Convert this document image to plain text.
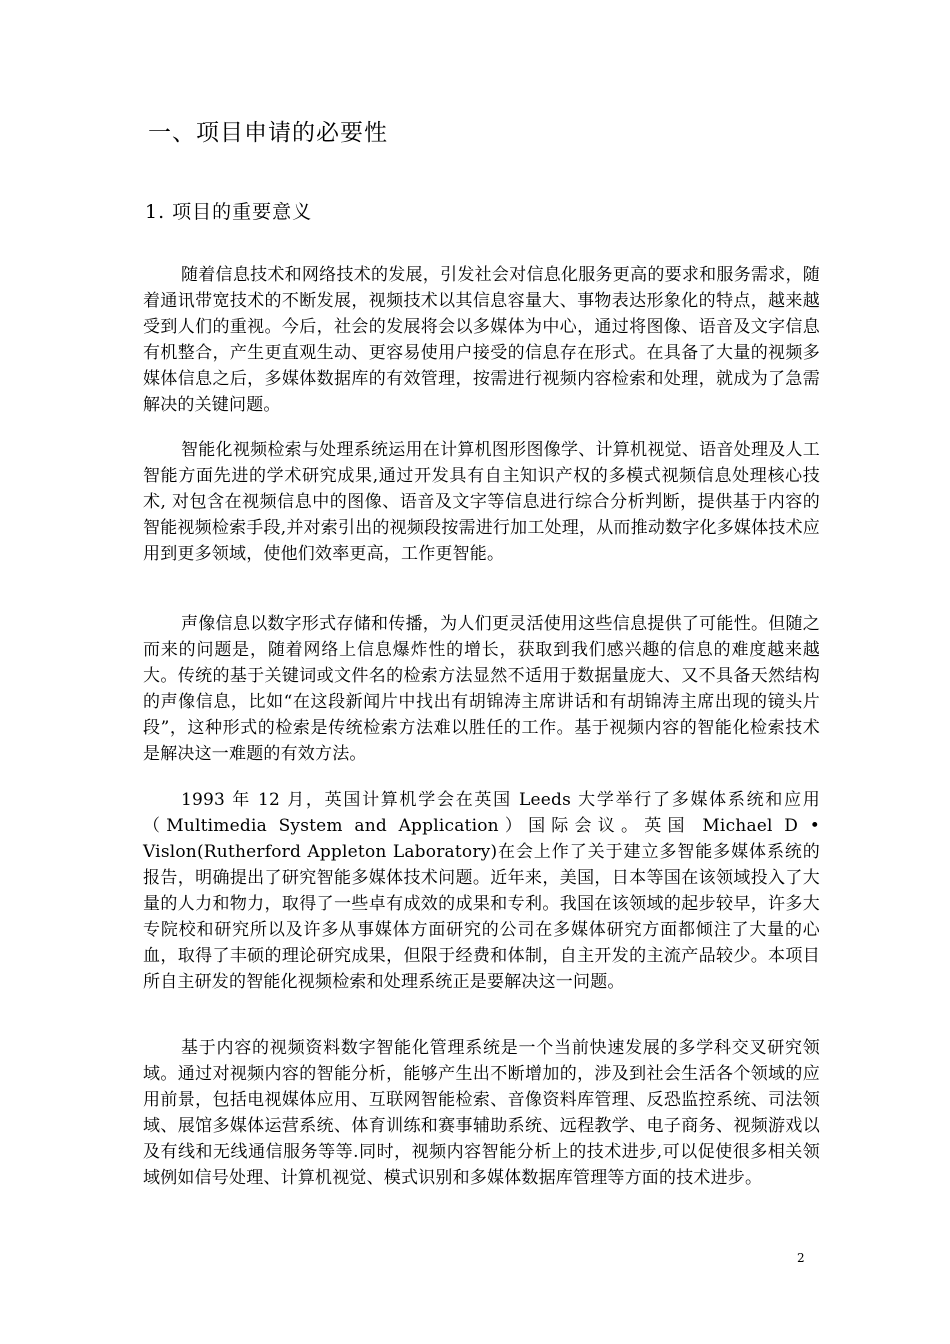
一、项目申请的必要性
1. 项目的重要意义

随着信息技术和网络技术的发展，引发社会对信息化服务更高的要求和服务需求，随着通讯带宽技术的不断发展，视频技术以其信息容量大、事物表达形象化的特点，越来越受到人们的重视。今后，社会的发展将会以多媒体为中心，通过将图像、语音及文字信息有机整合，产生更直观生动、更容易使用户接受的信息存在形式。在具备了大量的视频多媒体信息之后，多媒体数据库的有效管理，按需进行视频内容检索和处理，就成为了急需解决的关键问题。

智能化视频检索与处理系统运用在计算机图形图像学、计算机视觉、语音处理及人工智能方面先进的学术研究成果,通过开发具有自主知识产权的多模式视频信息处理核心技术, 对包含在视频信息中的图像、语音及文字等信息进行综合分析判断，提供基于内容的智能视频检索手段,并对索引出的视频段按需进行加工处理，从而推动数字化多媒体技术应用到更多领域，使他们效率更高，工作更智能。

声像信息以数字形式存储和传播，为人们更灵活使用这些信息提供了可能性。但随之而来的问题是，随着网络上信息爆炸性的增长，获取到我们感兴趣的信息的难度越来越大。传统的基于关键词或文件名的检索方法显然不适用于数据量庞大、又不具备天然结构的声像信息，比如“在这段新闻片中找出有胡锦涛主席讲话和有胡锦涛主席出现的镜头片段”，这种形式的检索是传统检索方法难以胜任的工作。基于视频内容的智能化检索技术是解决这一难题的有效方法。

1993 年 12 月，英国计算机学会在英国 Leeds 大学举行了多媒体系统和应用（Multimedia System and Application）国际会议。英国 Michael D • Vislon(Rutherford Appleton Laboratory)在会上作了关于建立多智能多媒体系统的报告，明确提出了研究智能多媒体技术问题。近年来，美国，日本等国在该领域投入了大量的人力和物力，取得了一些卓有成效的成果和专利。我国在该领域的起步较早，许多大专院校和研究所以及许多从事媒体方面研究的公司在多媒体研究方面都倾注了大量的心血，取得了丰硕的理论研究成果，但限于经费和体制，自主开发的主流产品较少。本项目所自主研发的智能化视频检索和处理系统正是要解决这一问题。

基于内容的视频资料数字智能化管理系统是一个当前快速发展的多学科交叉研究领域。通过对视频内容的智能分析，能够产生出不断增加的，涉及到社会生活各个领域的应用前景，包括电视媒体应用、互联网智能检索、音像资料库管理、反恐监控系统、司法领域、展馆多媒体运营系统、体育训练和赛事辅助系统、远程教学、电子商务、视频游戏以及有线和无线通信服务等等.同时，视频内容智能分析上的技术进步,可以促使很多相关领域例如信号处理、计算机视觉、模式识别和多媒体数据库管理等方面的技术进步。

2
